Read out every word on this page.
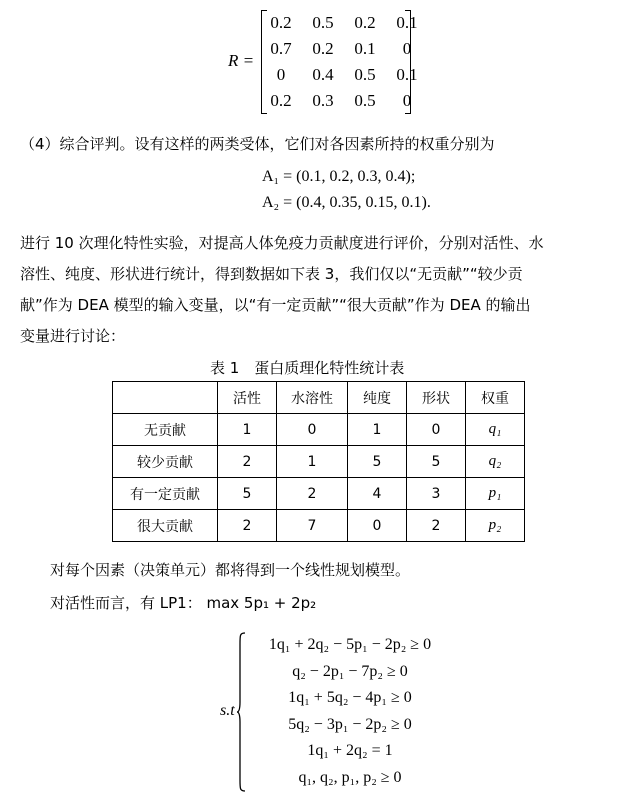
R =
0.2	0.5	0.2	0.1
0.7	0.2	0.1	0
0	0.4	0.5	0.1
0.2	0.3	0.5	0
（4）综合评判。设有这样的两类受体，它们对各因素所持的权重分别为
A₁ = (0.1, 0.2, 0.3, 0.4);
A₂ = (0.4, 0.35, 0.15, 0.1).
进行 10 次理化特性实验，对提高人体免疫力贡献度进行评价，分别对活性、水
溶性、纯度、形状进行统计，得到数据如下表 3，我们仅以“无贡献”“较少贡
献”作为 DEA 模型的输入变量，以“有一定贡献”“很大贡献”作为 DEA 的输出
变量进行讨论：
表 1　蛋白质理化特性统计表
	活性	水溶性	纯度	形状	权重
无贡献	1	0	1	0	q₁
较少贡献	2	1	5	5	q₂
有一定贡献	5	2	4	3	p₁
很大贡献	2	7	0	2	p₂
对每个因素（决策单元）都将得到一个线性规划模型。
对活性而言，有 LP1： max 5p₁ + 2p₂
s.t
1q₁ + 2q₂ − 5p₁ − 2p₂ ≥ 0
q₂ − 2p₁ − 7p₂ ≥ 0
1q₁ + 5q₂ − 4p₁ ≥ 0
5q₂ − 3p₁ − 2p₂ ≥ 0
1q₁ + 2q₂ = 1
q₁, q₂, p₁, p₂ ≥ 0
